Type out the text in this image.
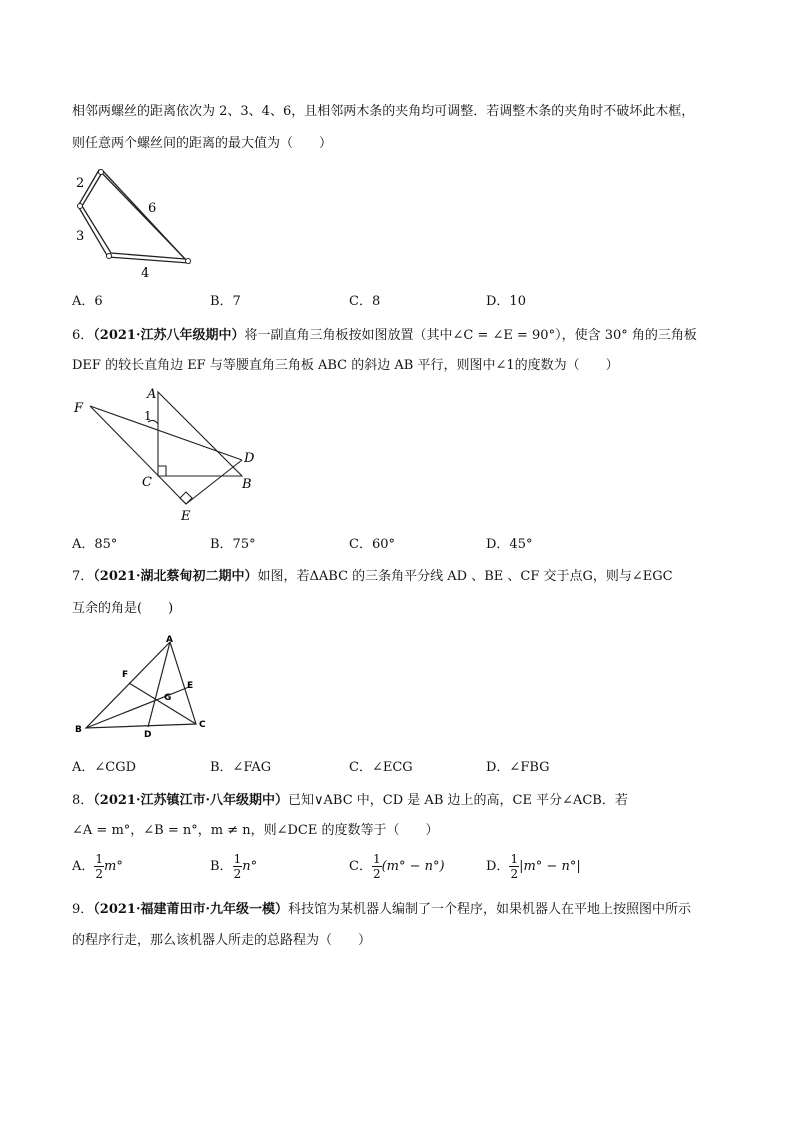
相邻两螺丝的距离依次为 2、3、4、6，且相邻两木条的夹角均可调整．若调整木条的夹角时不破坏此木框，
则任意两个螺丝间的距离的最大值为（　　）
2
6
3
4
A．6	B．7	C．8	D．10
6．（2021·江苏八年级期中）将一副直角三角板按如图放置（其中∠C = ∠E = 90°），使含 30° 角的三角板
DEF 的较长直角边 EF 与等腰直角三角板 ABC 的斜边 AB 平行，则图中∠1的度数为（　　）
A
F	1
D
C	B
E
A．85°	B．75°	C．60°	D．45°
7．（2021·湖北蔡甸初二期中）如图，若ΔABC 的三条角平分线 AD 、BE 、CF 交于点G，则与∠EGC
互余的角是(　　)
A
F
E
G
B	D
C
A．∠CGD	B．∠FAG	C．∠ECG	D．∠FBG
8．（2021·江苏镇江市·八年级期中）已知∨ABC 中，CD 是 AB 边上的高，CE 平分∠ACB．若
∠A = m°，∠B = n°，m ≠ n，则∠DCE 的度数等于（　　）
A． $\frac{1}{2} m^\circ$	B． $\frac{1}{2} n^\circ$	C． $\frac{1}{2} (m^\circ - n^\circ)$	D． $\frac{1}{2} |m^\circ - n^\circ|$
9．（2021·福建莆田市·九年级一模）科技馆为某机器人编制了一个程序，如果机器人在平地上按照图中所示
的程序行走，那么该机器人所走的总路程为（　　）
